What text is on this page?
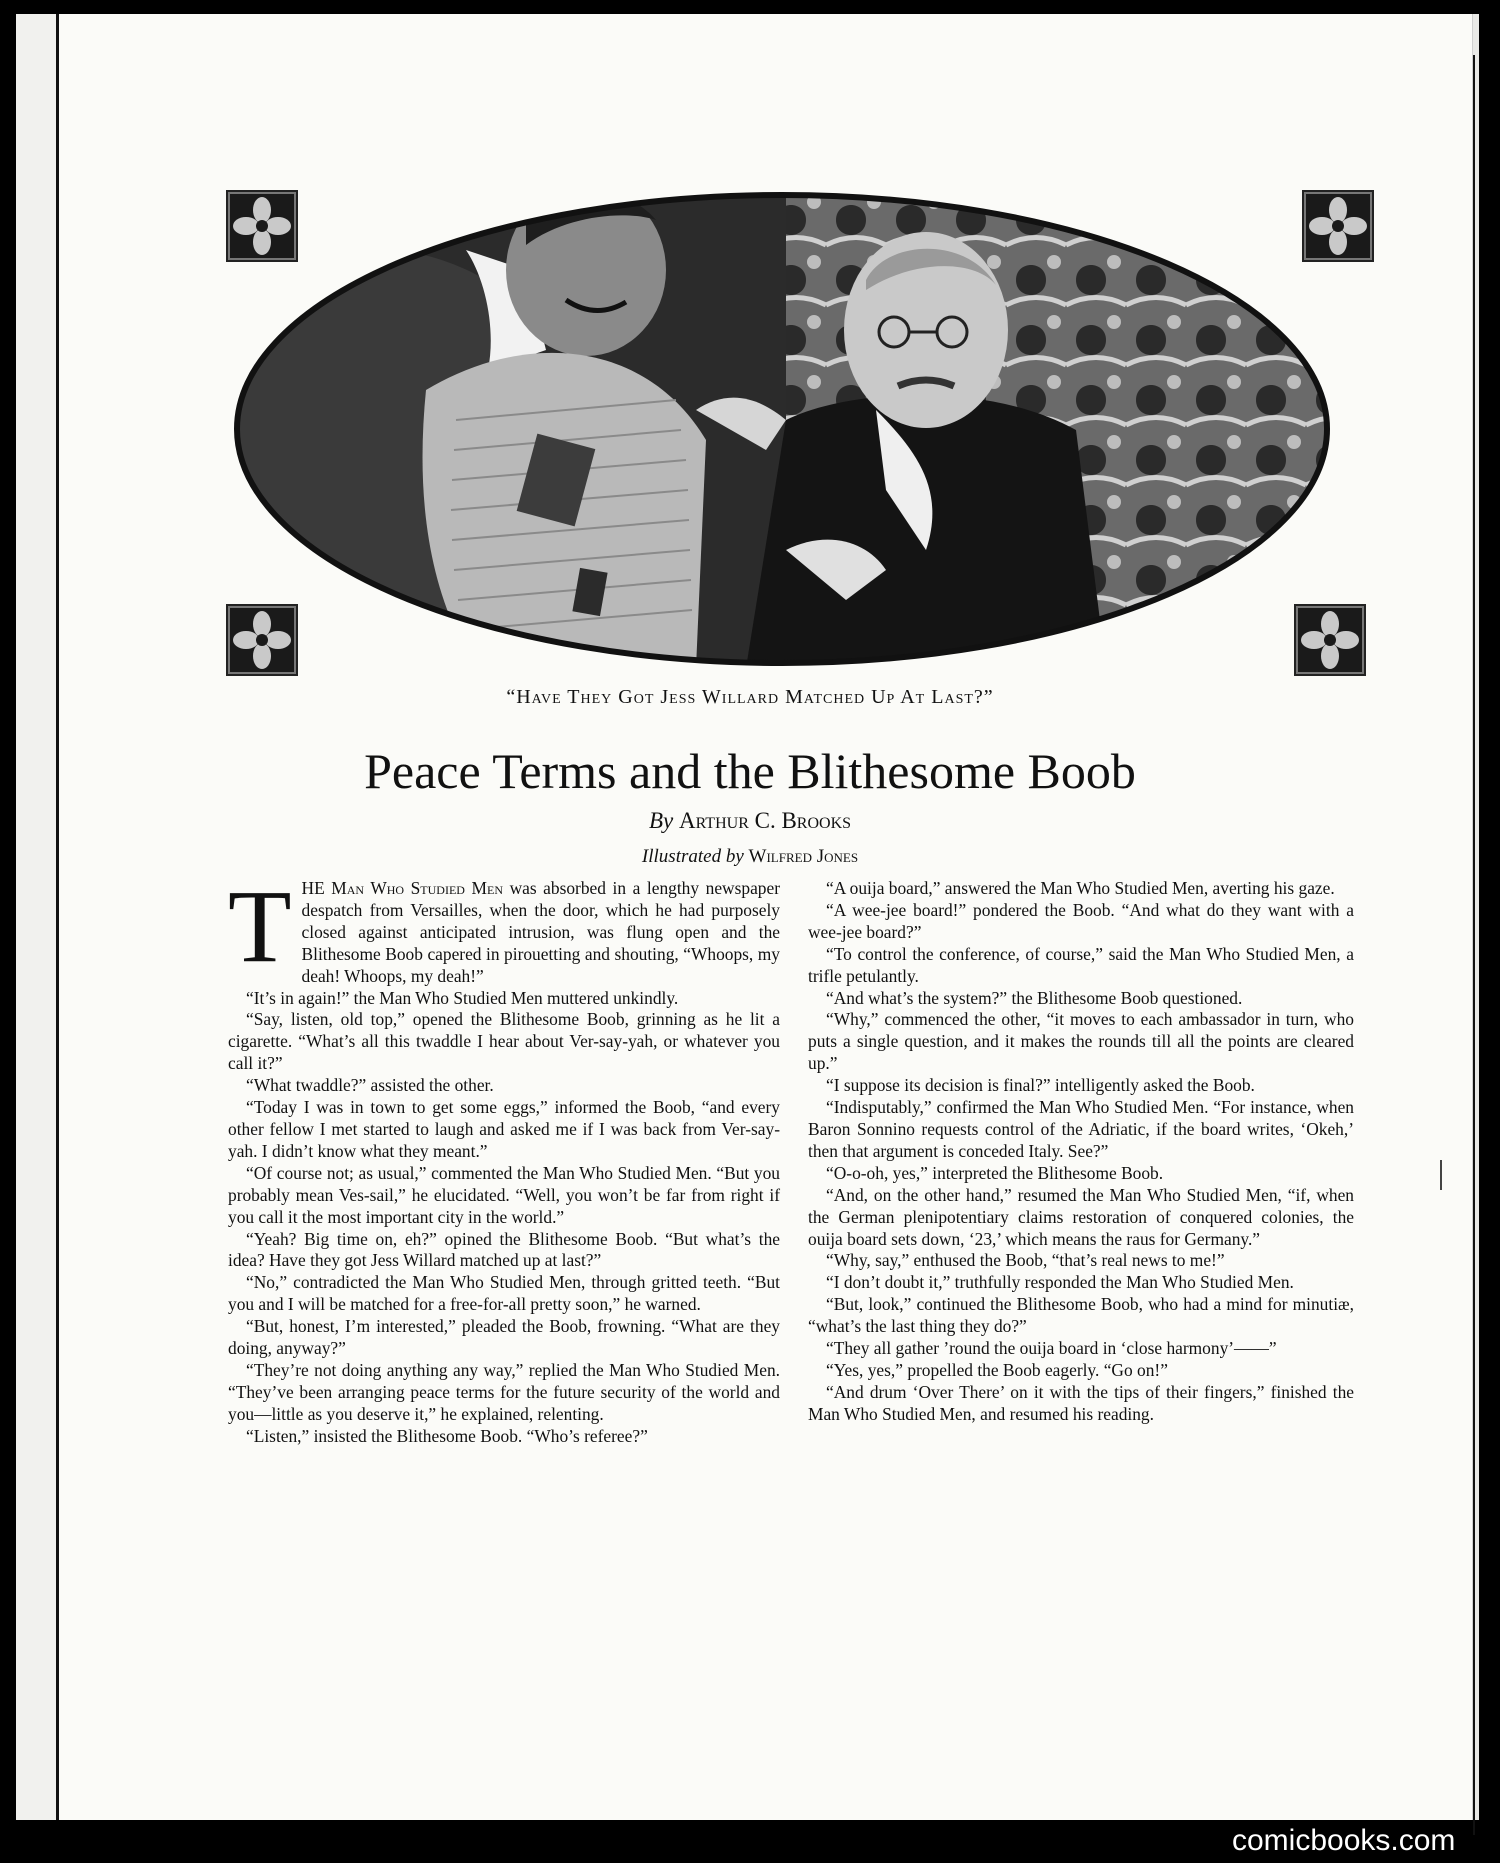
“Have They Got Jess Willard Matched Up At Last?”
Peace Terms and the Blithesome Boob
By Arthur C. Brooks
Illustrated by Wilfred Jones

THE Man Who Studied Men was absorbed in a lengthy newspaper despatch from Versailles, when the door, which he had purposely closed against anticipated intrusion, was flung open and the Blithesome Boob capered in pirouetting and shouting, “Whoops, my deah! Whoops, my deah!”

“It’s in again!” the Man Who Studied Men muttered unkindly.

“Say, listen, old top,” opened the Blithesome Boob, grinning as he lit a cigarette. “What’s all this twaddle I hear about Ver-say-yah, or whatever you call it?”

“What twaddle?” assisted the other.

“Today I was in town to get some eggs,” informed the Boob, “and every other fellow I met started to laugh and asked me if I was back from Ver-say-yah. I didn’t know what they meant.”

“Of course not; as usual,” commented the Man Who Studied Men. “But you probably mean Ves-sail,” he elucidated. “Well, you won’t be far from right if you call it the most important city in the world.”

“Yeah? Big time on, eh?” opined the Blithesome Boob. “But what’s the idea? Have they got Jess Willard matched up at last?”

“No,” contradicted the Man Who Studied Men, through gritted teeth. “But you and I will be matched for a free-for-all pretty soon,” he warned.

“But, honest, I’m interested,” pleaded the Boob, frowning. “What are they doing, anyway?”

“They’re not doing anything any way,” replied the Man Who Studied Men. “They’ve been arranging peace terms for the future security of the world and you—little as you deserve it,” he explained, relenting.

“Listen,” insisted the Blithesome Boob. “Who’s referee?”

“A ouija board,” answered the Man Who Studied Men, averting his gaze.

“A wee-jee board!” pondered the Boob. “And what do they want with a wee-jee board?”

“To control the conference, of course,” said the Man Who Studied Men, a trifle petulantly.

“And what’s the system?” the Blithesome Boob questioned.

“Why,” commenced the other, “it moves to each ambassador in turn, who puts a single question, and it makes the rounds till all the points are cleared up.”

“I suppose its decision is final?” intelligently asked the Boob.

“Indisputably,” confirmed the Man Who Studied Men. “For instance, when Baron Sonnino requests control of the Adriatic, if the board writes, ‘Okeh,’ then that argument is conceded Italy. See?”

“O-o-oh, yes,” interpreted the Blithesome Boob.

“And, on the other hand,” resumed the Man Who Studied Men, “if, when the German plenipotentiary claims restoration of conquered colonies, the ouija board sets down, ‘23,’ which means the raus for Germany.”

“Why, say,” enthused the Boob, “that’s real news to me!”

“I don’t doubt it,” truthfully responded the Man Who Studied Men.

“But, look,” continued the Blithesome Boob, who had a mind for minutiæ, “what’s the last thing they do?”

“They all gather ’round the ouija board in ‘close harmony’——”

“Yes, yes,” propelled the Boob eagerly. “Go on!”

“And drum ‘Over There’ on it with the tips of their fingers,” finished the Man Who Studied Men, and resumed his reading.

comicbooks.com
